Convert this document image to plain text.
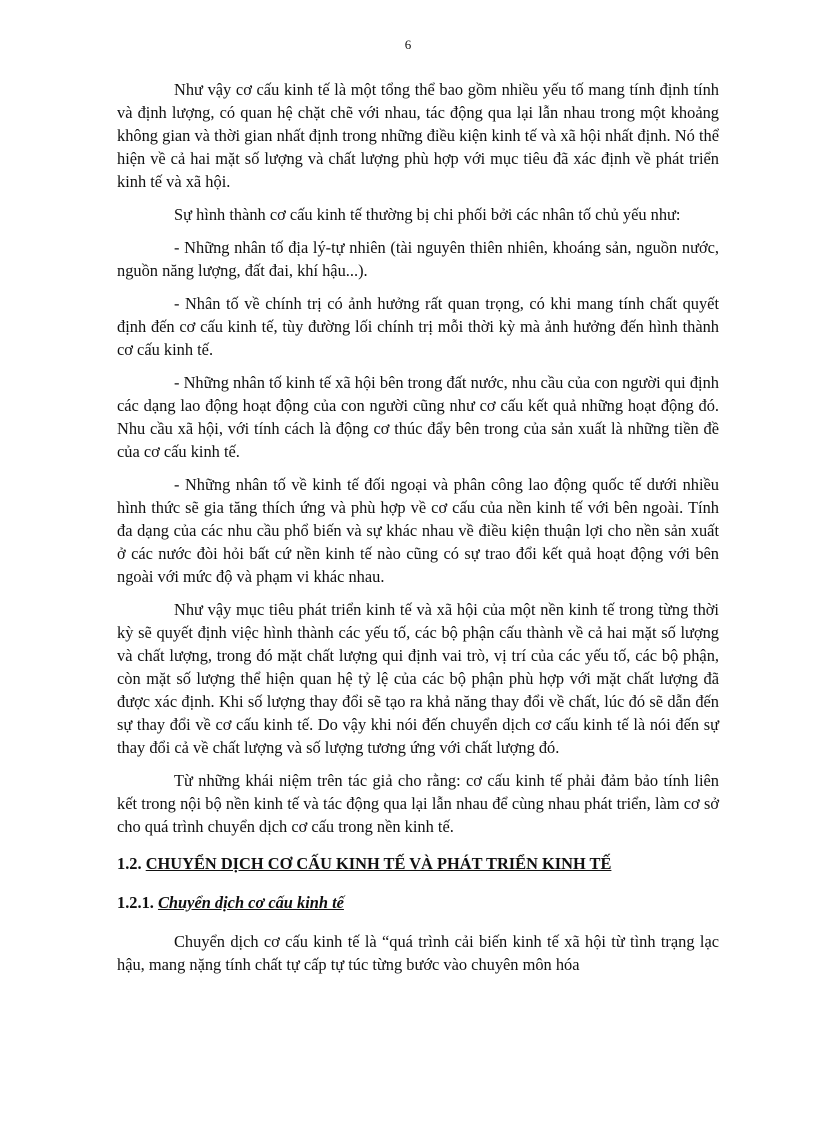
6

Như vậy cơ cấu kinh tế là một tổng thể bao gồm nhiều yếu tố mang tính định tính và định lượng, có quan hệ chặt chẽ với nhau, tác động qua lại lẫn nhau trong một khoảng không gian và thời gian nhất định trong những điều kiện kinh tế và xã hội nhất định. Nó thể hiện về cả hai mặt số lượng và chất lượng phù hợp với mục tiêu đã xác định về phát triển kinh tế và xã hội.

Sự hình thành cơ cấu kinh tế thường bị chi phối bởi các nhân tố chủ yếu như:

- Những nhân tố địa lý-tự nhiên (tài nguyên thiên nhiên, khoáng sản, nguồn nước, nguồn năng lượng, đất đai, khí hậu...).

- Nhân tố về chính trị có ảnh hưởng rất quan trọng, có khi mang tính chất quyết định đến cơ cấu kinh tế, tùy đường lối chính trị mỗi thời kỳ mà ảnh hưởng đến hình thành cơ cấu kinh tế.

- Những nhân tố kinh tế xã hội bên trong đất nước, nhu cầu của con người qui định các dạng lao động hoạt động của con người cũng như cơ cấu kết quả những hoạt động đó. Nhu cầu xã hội, với tính cách là động cơ thúc đẩy bên trong của sản xuất là những tiền đề của cơ cấu kinh tế.

- Những nhân tố về kinh tế đối ngoại và phân công lao động quốc tế dưới nhiều hình thức sẽ gia tăng thích ứng và phù hợp về cơ cấu của nền kinh tế với bên ngoài. Tính đa dạng của các nhu cầu phổ biến và sự khác nhau về điều kiện thuận lợi cho nền sản xuất ở các nước đòi hỏi bất cứ nền kinh tế nào cũng có sự trao đổi kết quả hoạt động với bên ngoài với mức độ và phạm vi khác nhau.

Như vậy mục tiêu phát triển kinh tế và xã hội của một nền kinh tế trong từng thời kỳ sẽ quyết định việc hình thành các yếu tố, các bộ phận cấu thành về cả hai mặt số lượng và chất lượng, trong đó mặt chất lượng qui định vai trò, vị trí của các yếu tố, các bộ phận, còn mặt số lượng thể hiện quan hệ tỷ lệ của các bộ phận phù hợp với mặt chất lượng đã được xác định. Khi số lượng thay đổi sẽ tạo ra khả năng thay đổi về chất, lúc đó sẽ dẫn đến sự thay đổi về cơ cấu kinh tế. Do vậy khi nói đến chuyển dịch cơ cấu kinh tế là nói đến sự thay đổi cả về chất lượng và số lượng tương ứng với chất lượng đó.

Từ những khái niệm trên tác giả cho rằng: cơ cấu kinh tế phải đảm bảo tính liên kết trong nội bộ nền kinh tế và tác động qua lại lẫn nhau để cùng nhau phát triển, làm cơ sở cho quá trình chuyển dịch cơ cấu trong nền kinh tế.

1.2. CHUYỂN DỊCH CƠ CẤU KINH TẾ VÀ PHÁT TRIỂN KINH TẾ
1.2.1. Chuyển dịch cơ cấu kinh tế

Chuyển dịch cơ cấu kinh tế là “quá trình cải biến kinh tế xã hội từ tình trạng lạc hậu, mang nặng tính chất tự cấp tự túc từng bước vào chuyên môn hóa
